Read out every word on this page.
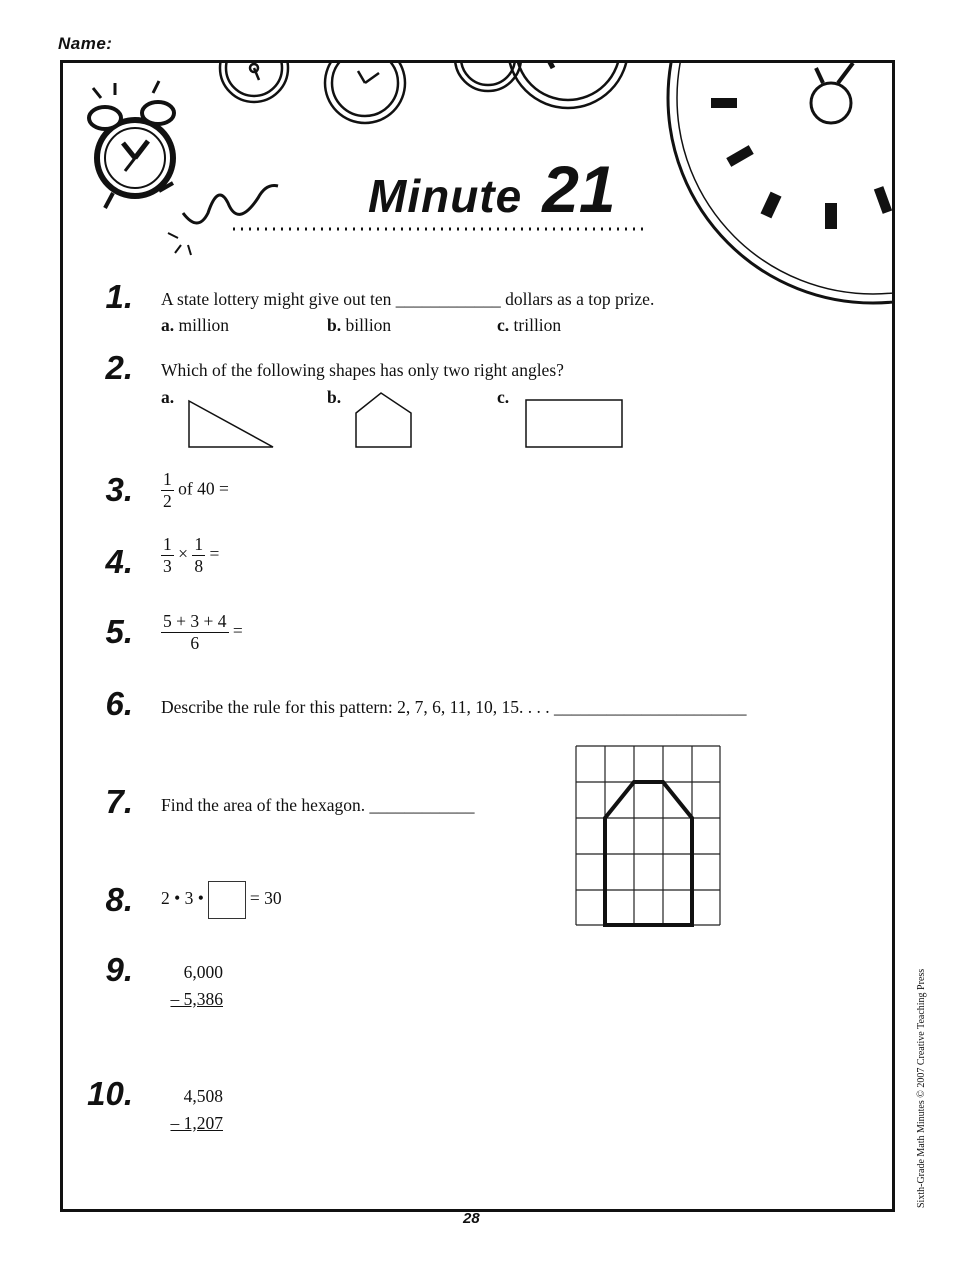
Name:
Minute 21
1. A state lottery might give out ten ____________ dollars as a top prize.
a. million	b. billion	c. trillion
2. Which of the following shapes has only two right angles?
a.	b.	c.
3. $\frac{1}{2}$ of 40 =
4. $\frac{1}{3} \times \frac{1}{8}$ =
5. $\frac{5 + 3 + 4}{6}$ =
6. Describe the rule for this pattern: 2, 7, 6, 11, 10, 15. . . . ______________________
7. Find the area of the hexagon. ____________
8. 2 • 3 •	= 30
9.	6,000
– 5,386
10.	4,508
– 1,207
28
Sixth-Grade Math Minutes © 2007 Creative Teaching Press
